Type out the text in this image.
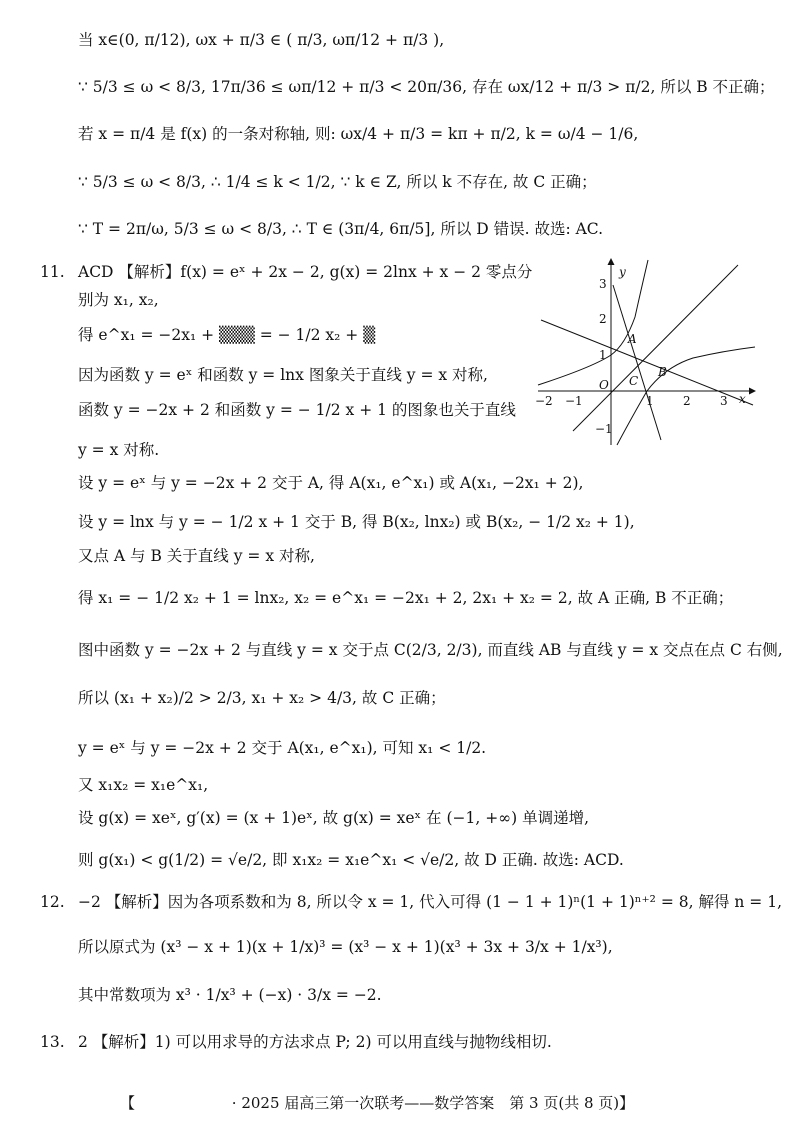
当 x∈(0, π/12), ωx + π/3 ∈ ( π/3, ωπ/12 + π/3 ),
∵ 5/3 ≤ ω < 8/3, 17π/36 ≤ ωπ/12 + π/3 < 20π/36, 存在 ωx/12 + π/3 > π/2, 所以 B 不正确；
若 x = π/4 是 f(x) 的一条对称轴, 则: ωx/4 + π/3 = kπ + π/2, k = ω/4 − 1/6,
∵ 5/3 ≤ ω < 8/3, ∴ 1/4 ≤ k < 1/2, ∵ k ∈ Z, 所以 k 不存在, 故 C 正确；
∵ T = 2π/ω, 5/3 ≤ ω < 8/3, ∴ T ∈ (3π/4, 6π/5], 所以 D 错误. 故选: AC.
11. ACD 【解析】f(x) = eˣ + 2x − 2, g(x) = 2lnx + x − 2 零点分
别为 x₁, x₂,
得 e^x₁ = −2x₁ + ▒▒▒ = − 1/2 x₂ + ▒
因为函数 y = eˣ 和函数 y = lnx 图象关于直线 y = x 对称,
函数 y = −2x + 2 和函数 y = − 1/2 x + 1 的图象也关于直线
y = x 对称.
设 y = eˣ 与 y = −2x + 2 交于 A, 得 A(x₁, e^x₁) 或 A(x₁, −2x₁ + 2),
设 y = lnx 与 y = − 1/2 x + 1 交于 B, 得 B(x₂, lnx₂) 或 B(x₂, − 1/2 x₂ + 1),
又点 A 与 B 关于直线 y = x 对称,
得 x₁ = − 1/2 x₂ + 1 = lnx₂, x₂ = e^x₁ = −2x₁ + 2, 2x₁ + x₂ = 2, 故 A 正确, B 不正确；
图中函数 y = −2x + 2 与直线 y = x 交于点 C(2/3, 2/3), 而直线 AB 与直线 y = x 交点在点 C 右侧,
所以 (x₁ + x₂)/2 > 2/3, x₁ + x₂ > 4/3, 故 C 正确；
y = eˣ 与 y = −2x + 2 交于 A(x₁, e^x₁), 可知 x₁ < 1/2.
又 x₁x₂ = x₁e^x₁,
设 g(x) = xeˣ, g′(x) = (x + 1)eˣ, 故 g(x) = xeˣ 在 (−1, +∞) 单调递增,
则 g(x₁) < g(1/2) = √e/2, 即 x₁x₂ = x₁e^x₁ < √e/2, 故 D 正确. 故选: ACD.
12. −2 【解析】因为各项系数和为 8, 所以令 x = 1, 代入可得 (1 − 1 + 1)ⁿ(1 + 1)ⁿ⁺² = 8, 解得 n = 1,
所以原式为 (x³ − x + 1)(x + 1/x)³ = (x³ − x + 1)(x³ + 3x + 3/x + 1/x³),
其中常数项为 x³ · 1/x³ + (−x) · 3/x = −2.
13. 2 【解析】1) 可以用求导的方法求点 P; 2) 可以用直线与抛物线相切.
y
x
O
−2 −1	1 2 3
3
2
1
−1
A
B
C
【	· 2025 届高三第一次联考——数学答案　第 3 页(共 8 页)】
